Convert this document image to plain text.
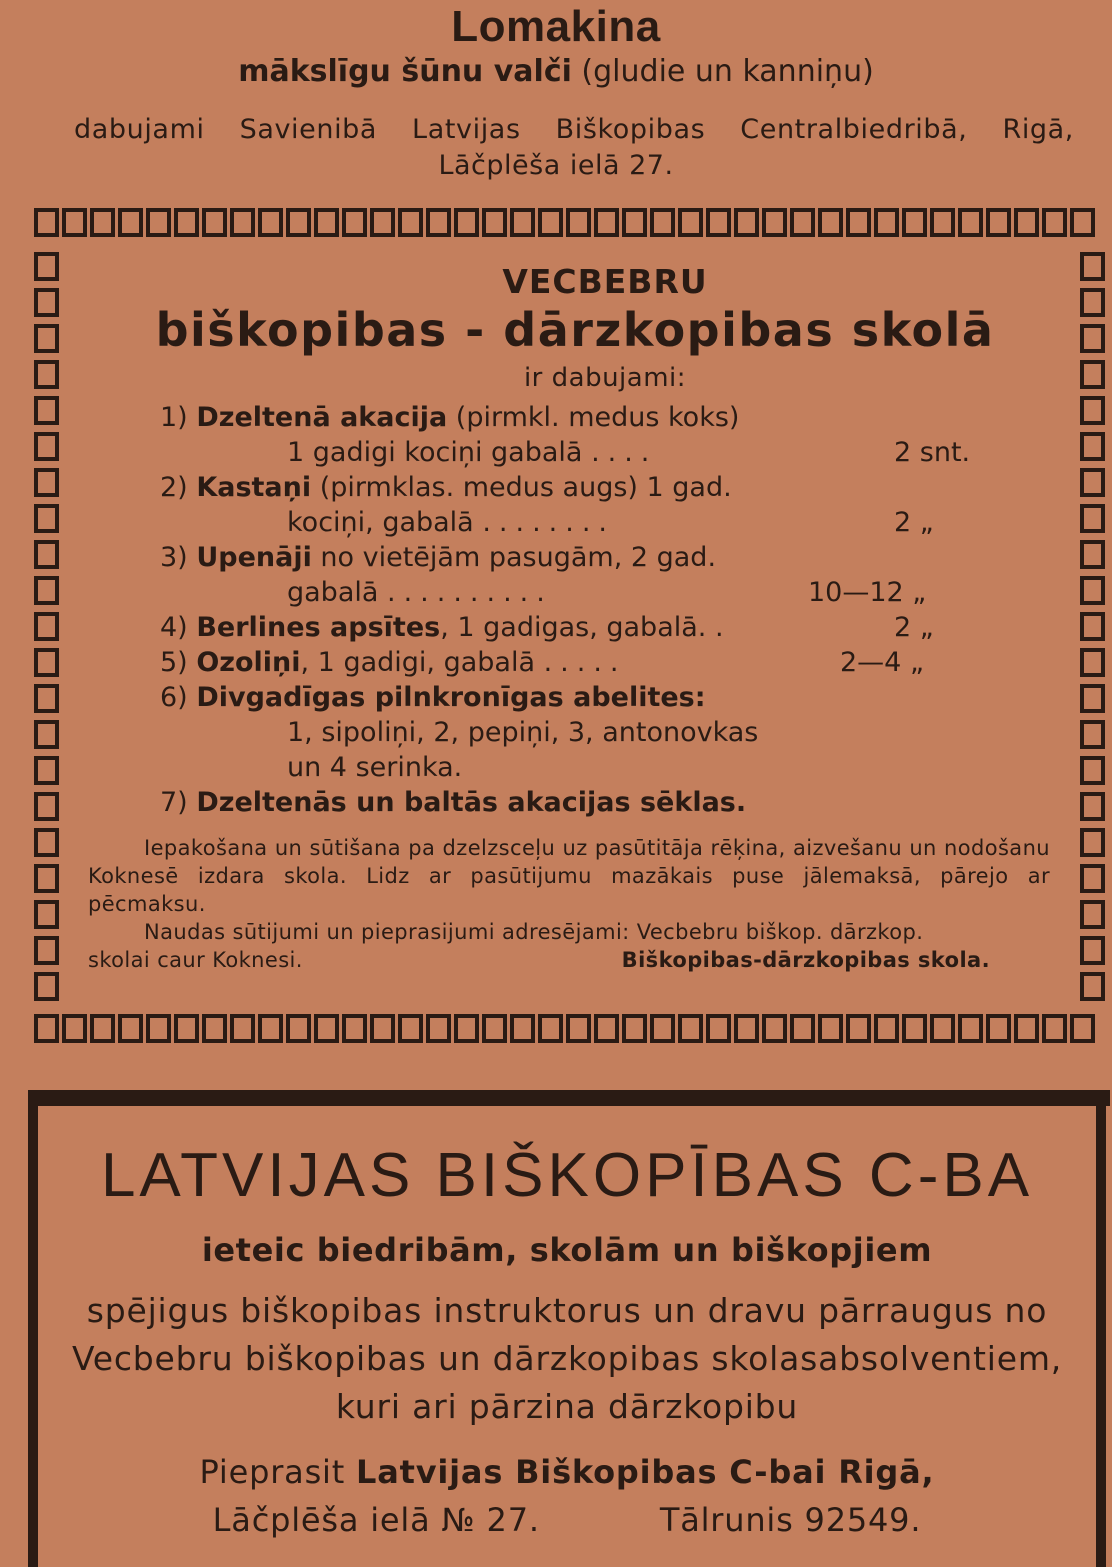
Lomakina
mākslīgu šūnu valči (gludie un kanniņu)
dabujami Savienibā Latvijas Biškopibas Centralbiedribā, Rigā,
Lāčplēša ielā 27.
VECBEBRU
biškopibas - dārzkopibas skolā
ir dabujami:
1) Dzeltenā akacija (pirmkl. medus koks)
1 gadigi kociņi gabalā ....	2 snt.
2) Kastaņi (pirmklas. medus augs) 1 gad.
kociņi, gabalā ........	2 „
3) Upenāji no vietējām pasugām, 2 gad.
gabalā ..........	10—12 „
4) Berlines apsītes, 1 gadigas, gabalā. .	2 „
5) Ozoliņi, 1 gadigi, gabalā .....	2—4 „
6) Divgadīgas pilnkronīgas abelites:
1, sipoliņi, 2, pepiņi, 3, antonovkas
un 4 serinka.
7) Dzeltenās un baltās akacijas sēklas.
Iepakošana un sūtišana pa dzelzsceļu uz pasūtitāja rēķina, aizvešanu un nodošanu Koknesē izdara skola. Lidz ar pasūtijumu mazākais puse jālemaksā, pārejo ar pēcmaksu.
Naudas sūtijumi un pieprasijumi adresējami: Vecbebru biškop. dārzkop.
skolai caur Koknesi.	Biškopibas-dārzkopibas skola.
LATVIJAS BIŠKOPĪBAS C-BA
ieteic biedribām, skolām un biškopjiem
spējigus biškopibas instruktorus un dravu pārraugus no
Vecbebru biškopibas un dārzkopibas skolasabsolventiem,
kuri ari pārzina dārzkopibu
Pieprasit Latvijas Biškopibas C-bai Rigā,
Lāčplēša ielā № 27.	Tālrunis 92549.
